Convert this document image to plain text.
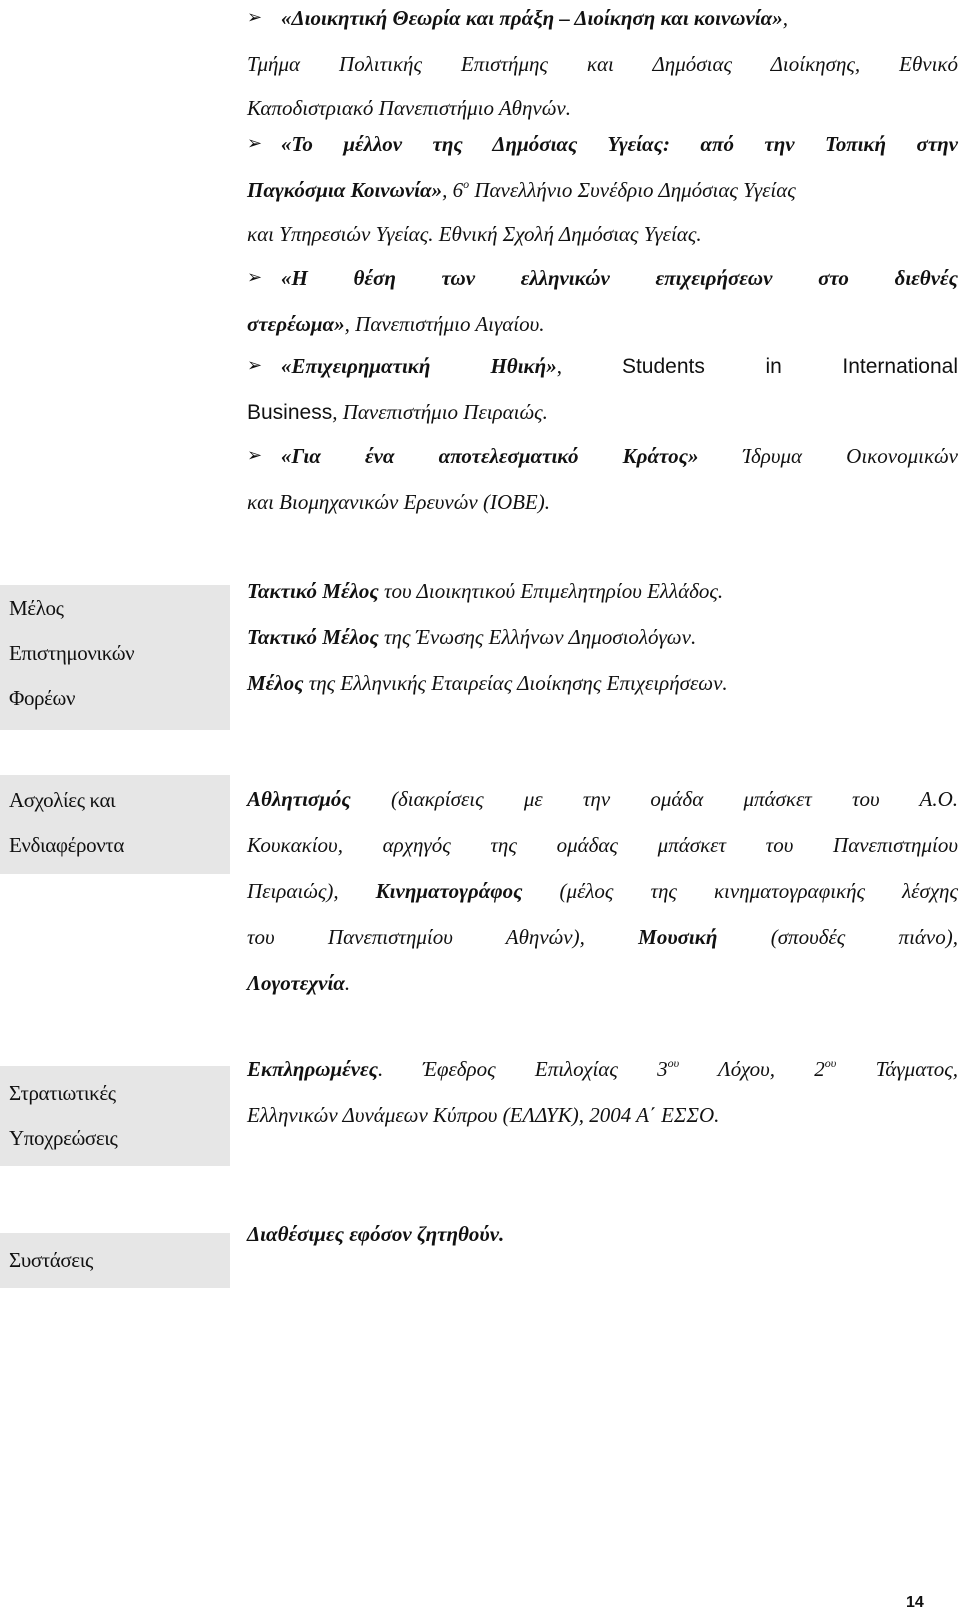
➢ «Διοικητική Θεωρία και πράξη – Διοίκηση και κοινωνία»,
Τμήμα Πολιτικής Επιστήμης και Δημόσιας Διοίκησης, Εθνικό
Καποδιστριακό Πανεπιστήμιο Αθηνών.
➢ «Το μέλλον της Δημόσιας Υγείας: από την Τοπική στην
Παγκόσμια Κοινωνία», $6^o$ Πανελλήνιο Συνέδριο Δημόσιας Υγείας
και Υπηρεσιών Υγείας. Εθνική Σχολή Δημόσιας Υγείας.
➢ «Η θέση των ελληνικών επιχειρήσεων στο διεθνές
στερέωμα», Πανεπιστήμιο Αιγαίου.
➢ «Επιχειρηματική Ηθική»,	Students in International
Business, Πανεπιστήμιο Πειραιώς.
➢ «Για ένα αποτελεσματικό Κράτος» Ίδρυμα Οικονομικών
και Βιομηχανικών Ερευνών (ΙΟΒΕ).
Μέλος
Επιστημονικών
Φορέων
Τακτικό Μέλος του Διοικητικού Επιμελητηρίου Ελλάδος.
Τακτικό Μέλος της Ένωσης Ελλήνων Δημοσιολόγων.
Μέλος της Ελληνικής Εταιρείας Διοίκησης Επιχειρήσεων.
Ασχολίες και
Ενδιαφέροντα
Αθλητισμός (διακρίσεις με την ομάδα μπάσκετ του Α.Ο.
Κουκακίου, αρχηγός της ομάδας μπάσκετ του Πανεπιστημίου
Πειραιώς), Κινηματογράφος (μέλος της κινηματογραφικής λέσχης
του Πανεπιστημίου Αθηνών), Μουσική (σπουδές πιάνο),
Λογοτεχνία.
Στρατιωτικές
Υποχρεώσεις
Εκπληρωμένες. Έφεδρος Επιλοχίας $3^{o\upsilon}$ Λόχου, $2^{o\upsilon}$ Τάγματος,
Ελληνικών Δυνάμεων Κύπρου (ΕΛΔΥΚ), 2004 Α΄ ΕΣΣΟ.
Συστάσεις
Διαθέσιμες εφόσον ζητηθούν.
14
